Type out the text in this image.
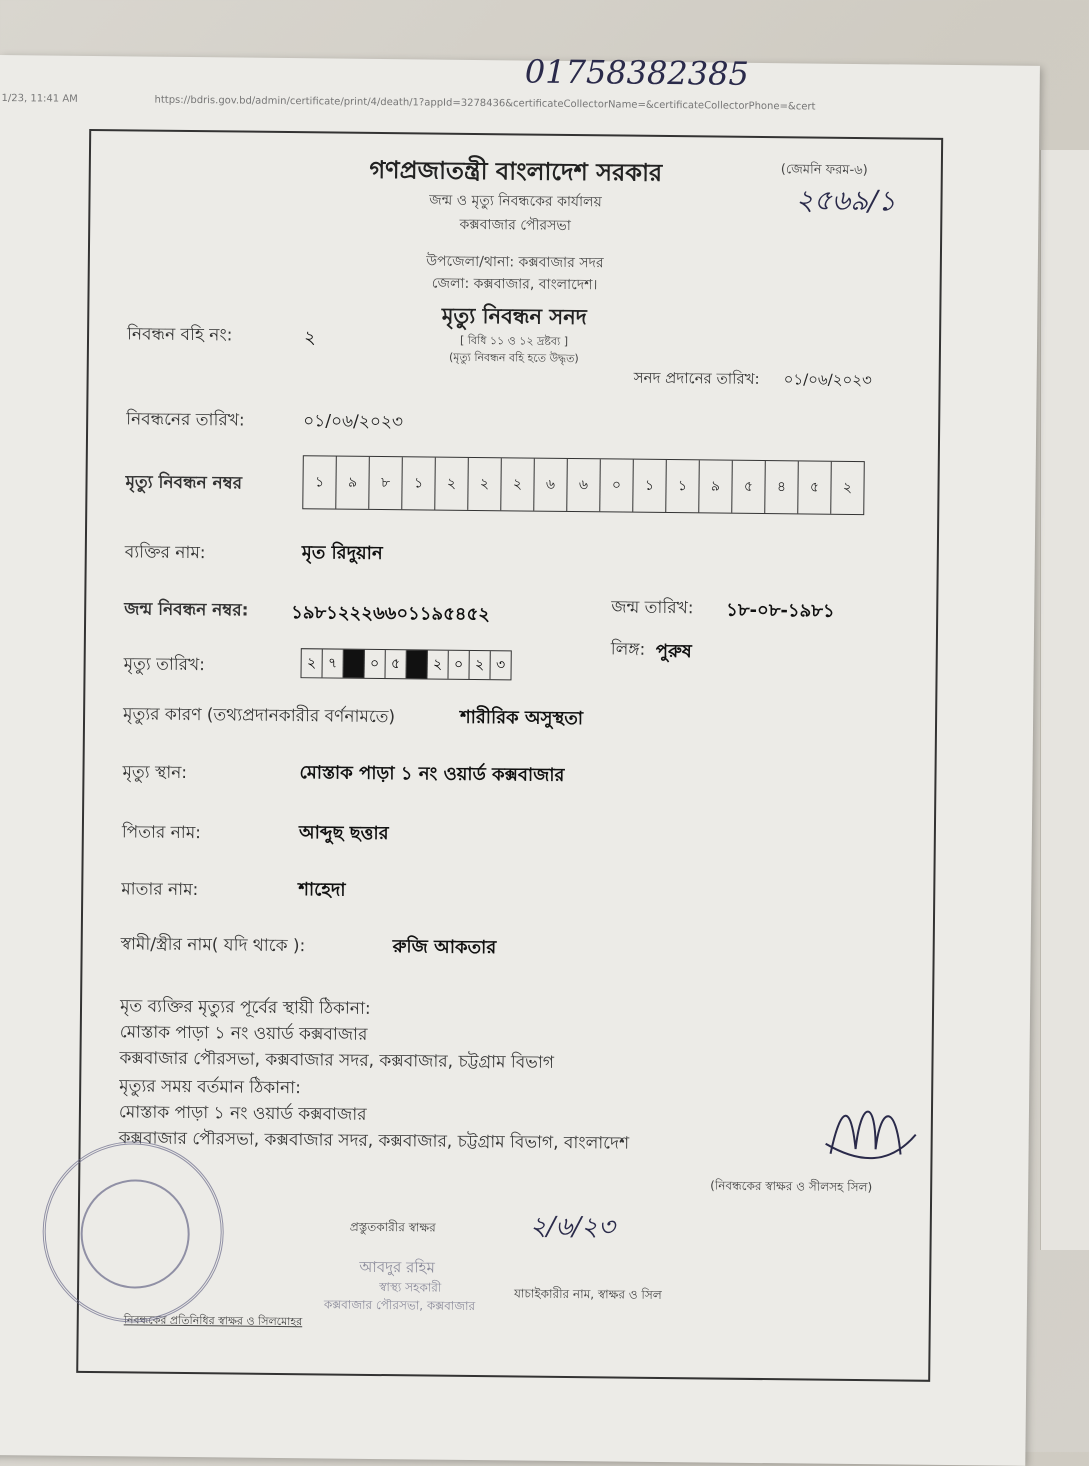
1/23, 11:41 AM	https://bdris.gov.bd/admin/certificate/print/4/death/1?appId=3278436&certificateCollectorName=&certificateCollectorPhone=&cert
01758382385
গণপ্রজাতন্ত্রী বাংলাদেশ সরকার
জন্ম ও মৃত্যু নিবন্ধকের কার্যালয়
কক্সবাজার পৌরসভা
উপজেলা/থানা: কক্সবাজার সদর
জেলা: কক্সবাজার, বাংলাদেশ।
মৃত্যু নিবন্ধন সনদ
[ বিধি ১১ ও ১২ দ্রষ্টব্য ]
(মৃত্যু নিবন্ধন বহি হতে উদ্ধৃত)
(জেমনি ফরম-৬)
২৫৬৯/১
নিবন্ধন বহি নং:	২
সনদ প্রদানের তারিখ: ০১/০৬/২০২৩
নিবন্ধনের তারিখ:	০১/০৬/২০২৩
মৃত্যু নিবন্ধন নম্বর	১	৯	৮	১	২	২	২	৬	৬	০	১	১	৯	৫	৪	৫	২
ব্যক্তির নাম:	মৃত রিদুয়ান
জন্ম নিবন্ধন নম্বর: ১৯৮১২২২৬৬০১১৯৫৪৫২	জন্ম তারিখ: ১৮-০৮-১৯৮১
লিঙ্গ: পুরুষ
মৃত্যু তারিখ:	২ ৭	০ ৫	২ ০ ২ ৩
মৃত্যুর কারণ (তথ্যপ্রদানকারীর বর্ণনামতে)	শারীরিক অসুস্থতা
মৃত্যু স্থান:	মোস্তাক পাড়া ১ নং ওয়ার্ড কক্সবাজার
পিতার নাম:	আব্দুছ ছত্তার
মাতার নাম:	শাহেদা
স্বামী/স্ত্রীর নাম( যদি থাকে ):	রুজি আকতার
মৃত ব্যক্তির মৃত্যুর পূর্বের স্থায়ী ঠিকানা:
মোস্তাক পাড়া ১ নং ওয়ার্ড কক্সবাজার
কক্সবাজার পৌরসভা, কক্সবাজার সদর, কক্সবাজার, চট্টগ্রাম বিভাগ
মৃত্যুর সময় বর্তমান ঠিকানা:
মোস্তাক পাড়া ১ নং ওয়ার্ড কক্সবাজার
কক্সবাজার পৌরসভা, কক্সবাজার সদর, কক্সবাজার, চট্টগ্রাম বিভাগ, বাংলাদেশ
(নিবন্ধকের স্বাক্ষর ও সীলসহ সিল)
প্রস্তুতকারীর স্বাক্ষর	২/৬/২৩
আবদুর রহিম
স্বাস্থ্য সহকারী
কক্সবাজার পৌরসভা, কক্সবাজার
যাচাইকারীর নাম, স্বাক্ষর ও সিল
নিবন্ধকের প্রতিনিধির স্বাক্ষর ও সিলমোহর
